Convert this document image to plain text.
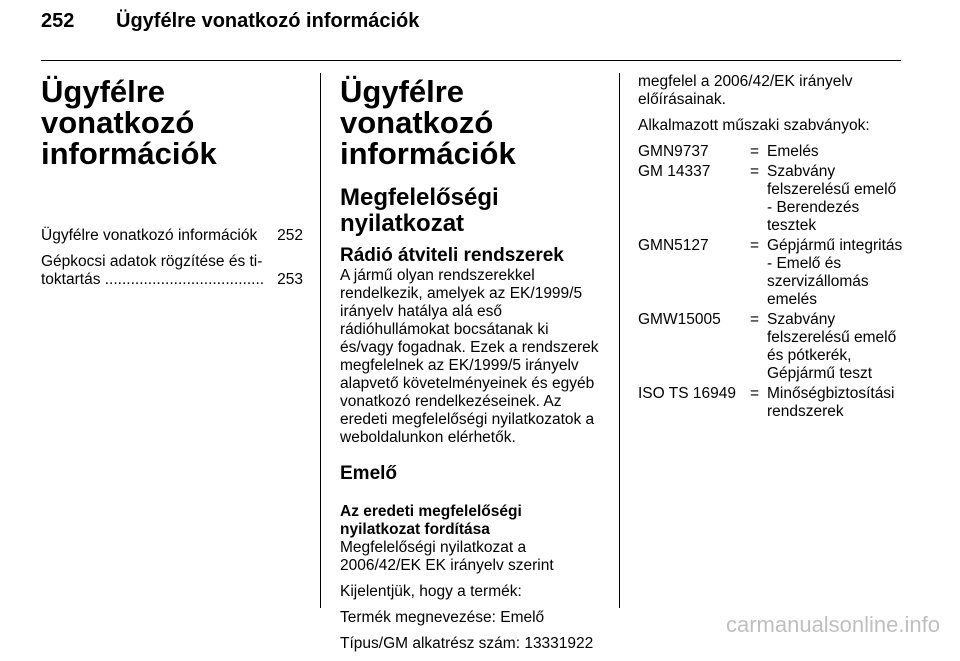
252 Ügyfélre vonatkozó információk
Ügyfélre vonatkozó
információk
Ügyfélre vonatkozó információk 252
Gépkocsi adatok rögzítése és ti-
toktartás ..................................... 253
Ügyfélre vonatkozó
információk
Megfelelőségi nyilatkozat
Rádió átviteli rendszerek

A jármű olyan rendszerekkel rendelkezik, amelyek az EK/1999/5 irányelv hatálya alá eső rádióhullámokat bocsátanak ki és/vagy fogadnak. Ezek a rendszerek megfelelnek az EK/1999/5 irányelv alapvető követelményeinek és egyéb vonatkozó rendelkezéseinek. Az eredeti megfelelőségi nyilatkozatok a weboldalunkon elérhetők.

Emelő
Az eredeti megfelelőségi nyilatkozat fordítása

Megfelelőségi nyilatkozat a 2006/42/EK EK irányelv szerint

Kijelentjük, hogy a termék:

Termék megnevezése: Emelő

Típus/GM alkatrész szám: 13331922

megfelel a 2006/42/EK irányelv előírásainak.

Alkalmazott műszaki szabványok:

GMN9737	= Emelés
GM 14337	= Szabvány felszerelésű emelő - Berendezés tesztek
GMN5127	= Gépjármű integritás - Emelő és szervizállomás emelés
GMW15005	= Szabvány felszerelésű emelő és pótkerék, Gépjármű teszt
ISO TS 16949 = Minőségbiztosítási rendszerek
carmanualsonline.info
